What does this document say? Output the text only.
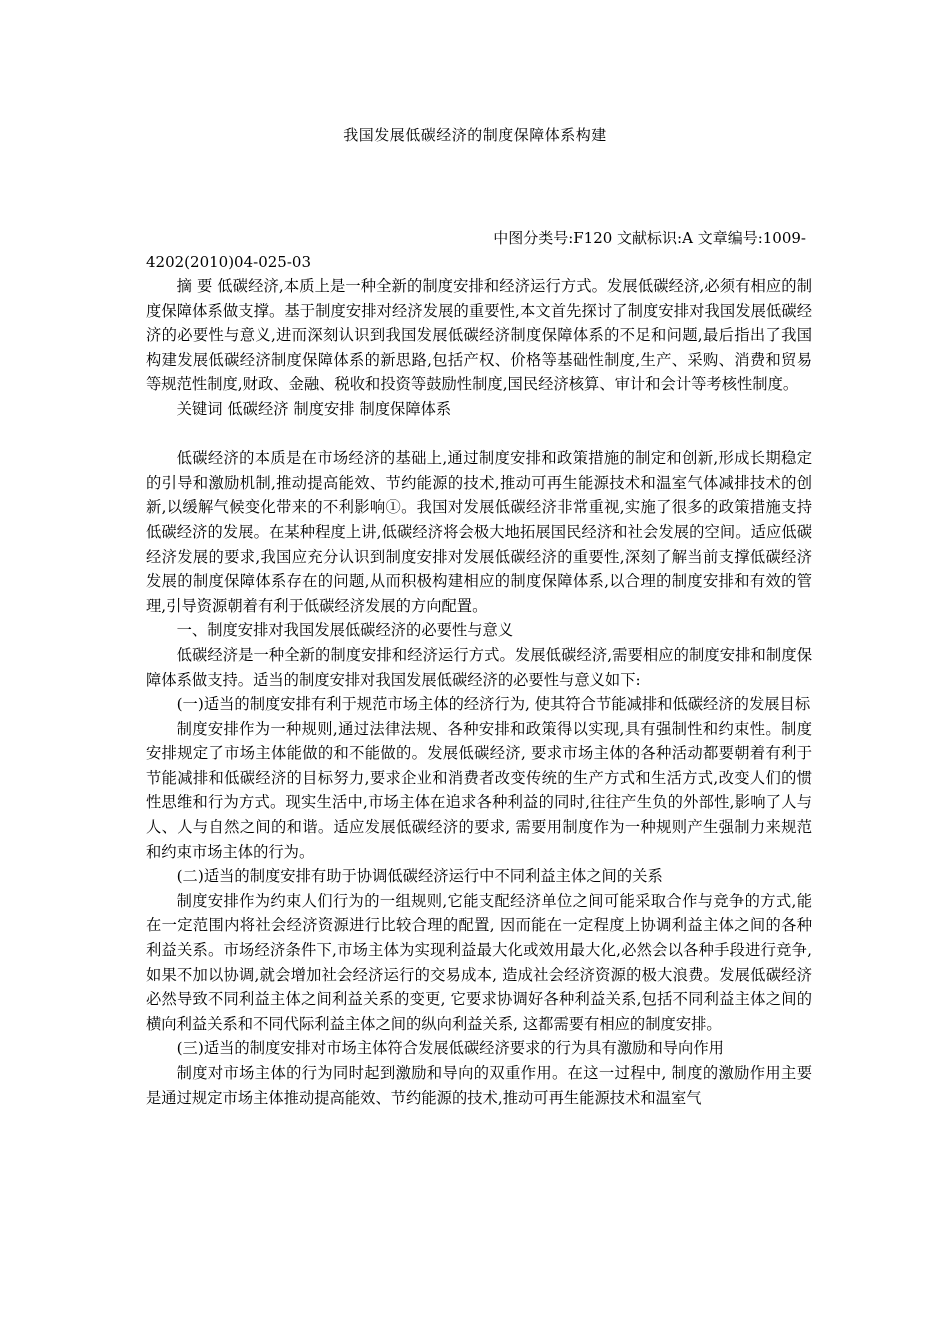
我国发展低碳经济的制度保障体系构建
中图分类号:F120 文献标识:A 文章编号:1009-
4202(2010)04-025-03

摘 要 低碳经济,本质上是一种全新的制度安排和经济运行方式。发展低碳经济,必须有相应的制度保障体系做支撑。基于制度安排对经济发展的重要性,本文首先探讨了制度安排对我国发展低碳经济的必要性与意义,进而深刻认识到我国发展低碳经济制度保障体系的不足和问题,最后指出了我国构建发展低碳经济制度保障体系的新思路,包括产权、价格等基础性制度,生产、采购、消费和贸易等规范性制度,财政、金融、税收和投资等鼓励性制度,国民经济核算、审计和会计等考核性制度。

关键词 低碳经济 制度安排 制度保障体系

低碳经济的本质是在市场经济的基础上,通过制度安排和政策措施的制定和创新,形成长期稳定的引导和激励机制,推动提高能效、节约能源的技术,推动可再生能源技术和温室气体减排技术的创新,以缓解气候变化带来的不利影响①。我国对发展低碳经济非常重视,实施了很多的政策措施支持低碳经济的发展。在某种程度上讲,低碳经济将会极大地拓展国民经济和社会发展的空间。适应低碳经济发展的要求,我国应充分认识到制度安排对发展低碳经济的重要性,深刻了解当前支撑低碳经济发展的制度保障体系存在的问题,从而积极构建相应的制度保障体系,以合理的制度安排和有效的管理,引导资源朝着有利于低碳经济发展的方向配置。

一、制度安排对我国发展低碳经济的必要性与意义

低碳经济是一种全新的制度安排和经济运行方式。发展低碳经济,需要相应的制度安排和制度保障体系做支持。适当的制度安排对我国发展低碳经济的必要性与意义如下:

(一)适当的制度安排有利于规范市场主体的经济行为, 使其符合节能减排和低碳经济的发展目标

制度安排作为一种规则,通过法律法规、各种安排和政策得以实现,具有强制性和约束性。制度安排规定了市场主体能做的和不能做的。发展低碳经济, 要求市场主体的各种活动都要朝着有利于节能减排和低碳经济的目标努力,要求企业和消费者改变传统的生产方式和生活方式,改变人们的惯性思维和行为方式。现实生活中,市场主体在追求各种利益的同时,往往产生负的外部性,影响了人与人、人与自然之间的和谐。适应发展低碳经济的要求, 需要用制度作为一种规则产生强制力来规范和约束市场主体的行为。

(二)适当的制度安排有助于协调低碳经济运行中不同利益主体之间的关系

制度安排作为约束人们行为的一组规则,它能支配经济单位之间可能采取合作与竞争的方式,能在一定范围内将社会经济资源进行比较合理的配置, 因而能在一定程度上协调利益主体之间的各种利益关系。市场经济条件下,市场主体为实现利益最大化或效用最大化,必然会以各种手段进行竞争,如果不加以协调,就会增加社会经济运行的交易成本, 造成社会经济资源的极大浪费。发展低碳经济必然导致不同利益主体之间利益关系的变更, 它要求协调好各种利益关系,包括不同利益主体之间的横向利益关系和不同代际利益主体之间的纵向利益关系, 这都需要有相应的制度安排。

(三)适当的制度安排对市场主体符合发展低碳经济要求的行为具有激励和导向作用

制度对市场主体的行为同时起到激励和导向的双重作用。在这一过程中, 制度的激励作用主要是通过规定市场主体推动提高能效、节约能源的技术,推动可再生能源技术和温室气
